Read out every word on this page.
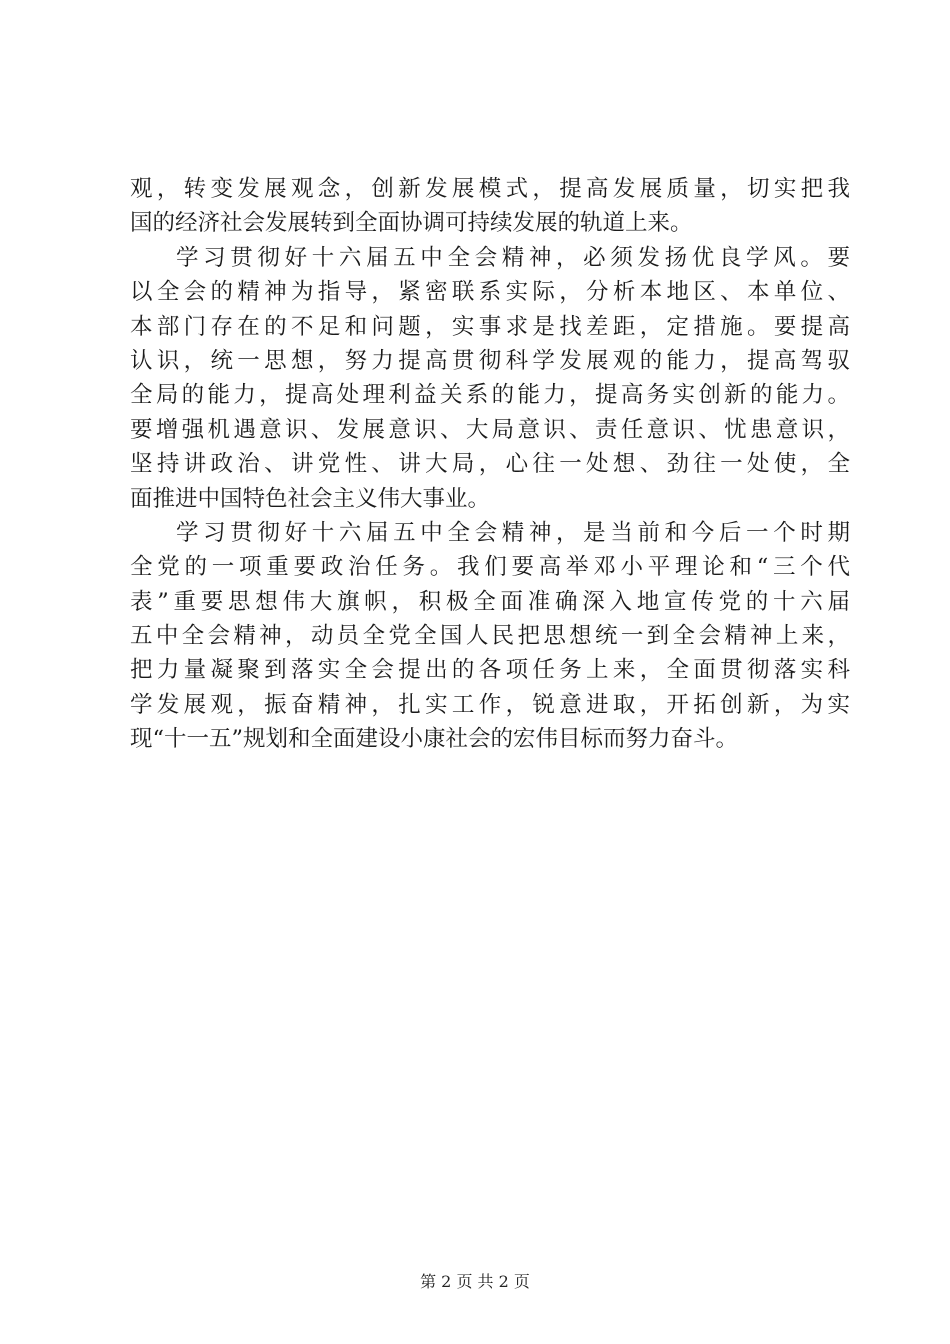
观，转变发展观念，创新发展模式，提高发展质量，切实把我
国的经济社会发展转到全面协调可持续发展的轨道上来。
学习贯彻好十六届五中全会精神，必须发扬优良学风。要
以全会的精神为指导，紧密联系实际，分析本地区、本单位、
本部门存在的不足和问题，实事求是找差距，定措施。要提高
认识，统一思想，努力提高贯彻科学发展观的能力，提高驾驭
全局的能力，提高处理利益关系的能力，提高务实创新的能力。
要增强机遇意识、发展意识、大局意识、责任意识、忧患意识，
坚持讲政治、讲党性、讲大局，心往一处想、劲往一处使，全
面推进中国特色社会主义伟大事业。
学习贯彻好十六届五中全会精神，是当前和今后一个时期
全党的一项重要政治任务。我们要高举邓小平理论和“三个代
表”重要思想伟大旗帜，积极全面准确深入地宣传党的十六届
五中全会精神，动员全党全国人民把思想统一到全会精神上来，
把力量凝聚到落实全会提出的各项任务上来，全面贯彻落实科
学发展观，振奋精神，扎实工作，锐意进取，开拓创新，为实
现“十一五”规划和全面建设小康社会的宏伟目标而努力奋斗。
第 2 页 共 2 页
